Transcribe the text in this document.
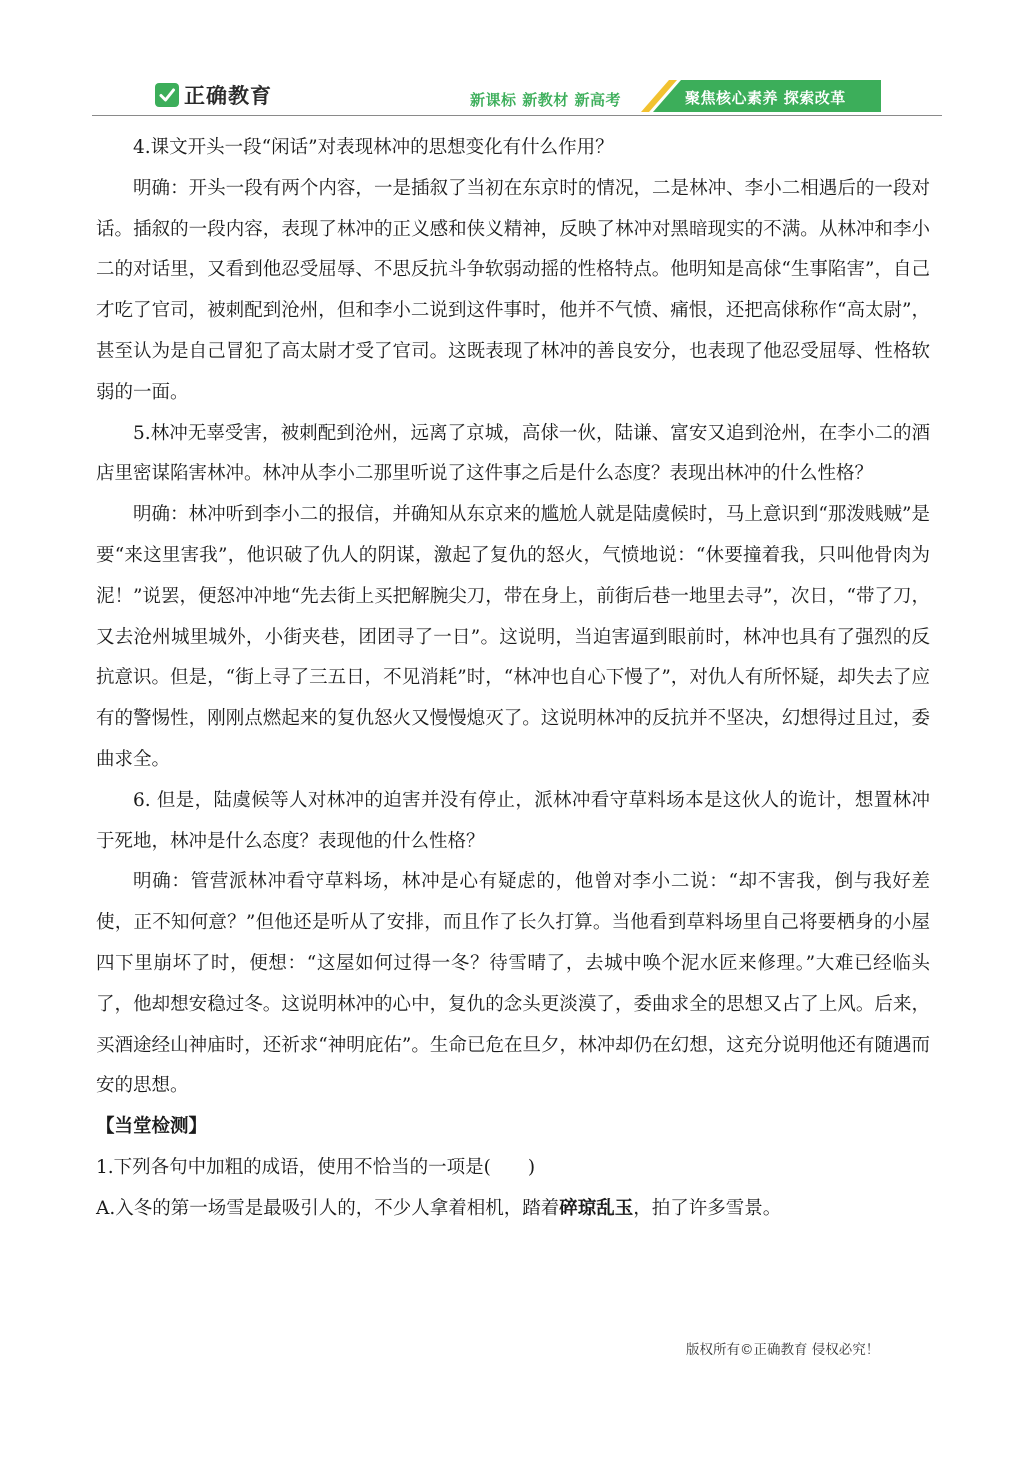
正确教育	新课标 新教材 新高考	聚焦核心素养 探索改革

4.课文开头一段“闲话”对表现林冲的思想变化有什么作用？

明确：开头一段有两个内容，一是插叙了当初在东京时的情况，二是林冲、李小二相遇后的一段对话。插叙的一段内容，表现了林冲的正义感和侠义精神，反映了林冲对黑暗现实的不满。从林冲和李小二的对话里，又看到他忍受屈辱、不思反抗斗争软弱动摇的性格特点。他明知是高俅“生事陷害”，自己才吃了官司，被刺配到沧州，但和李小二说到这件事时，他并不气愤、痛恨，还把高俅称作“高太尉”，甚至认为是自己冒犯了高太尉才受了官司。这既表现了林冲的善良安分，也表现了他忍受屈辱、性格软弱的一面。

5.林冲无辜受害，被刺配到沧州，远离了京城，高俅一伙，陆谦、富安又追到沧州，在李小二的酒店里密谋陷害林冲。林冲从李小二那里听说了这件事之后是什么态度？表现出林冲的什么性格？

明确：林冲听到李小二的报信，并确知从东京来的尴尬人就是陆虞候时，马上意识到“那泼贱贼”是要“来这里害我”，他识破了仇人的阴谋，激起了复仇的怒火，气愤地说：“休要撞着我，只叫他骨肉为泥！”说罢，便怒冲冲地“先去街上买把解腕尖刀，带在身上，前街后巷一地里去寻”，次日，“带了刀，又去沧州城里城外，小街夹巷，团团寻了一日”。这说明，当迫害逼到眼前时，林冲也具有了强烈的反抗意识。但是，“街上寻了三五日，不见消耗”时，“林冲也自心下慢了”，对仇人有所怀疑，却失去了应有的警惕性，刚刚点燃起来的复仇怒火又慢慢熄灭了。这说明林冲的反抗并不坚决，幻想得过且过，委曲求全。

6. 但是，陆虞候等人对林冲的迫害并没有停止，派林冲看守草料场本是这伙人的诡计，想置林冲于死地，林冲是什么态度？表现他的什么性格？

明确：管营派林冲看守草料场，林冲是心有疑虑的，他曾对李小二说：“却不害我，倒与我好差使，正不知何意？”但他还是听从了安排，而且作了长久打算。当他看到草料场里自己将要栖身的小屋四下里崩坏了时，便想：“这屋如何过得一冬？待雪晴了，去城中唤个泥水匠来修理。”大难已经临头了，他却想安稳过冬。这说明林冲的心中，复仇的念头更淡漠了，委曲求全的思想又占了上风。后来，买酒途经山神庙时，还祈求“神明庇佑”。生命已危在旦夕，林冲却仍在幻想，这充分说明他还有随遇而安的思想。

【当堂检测】

1.下列各句中加粗的成语，使用不恰当的一项是(　　)

A.入冬的第一场雪是最吸引人的，不少人拿着相机，踏着碎琼乱玉，拍了许多雪景。

版权所有©正确教育 侵权必究！
